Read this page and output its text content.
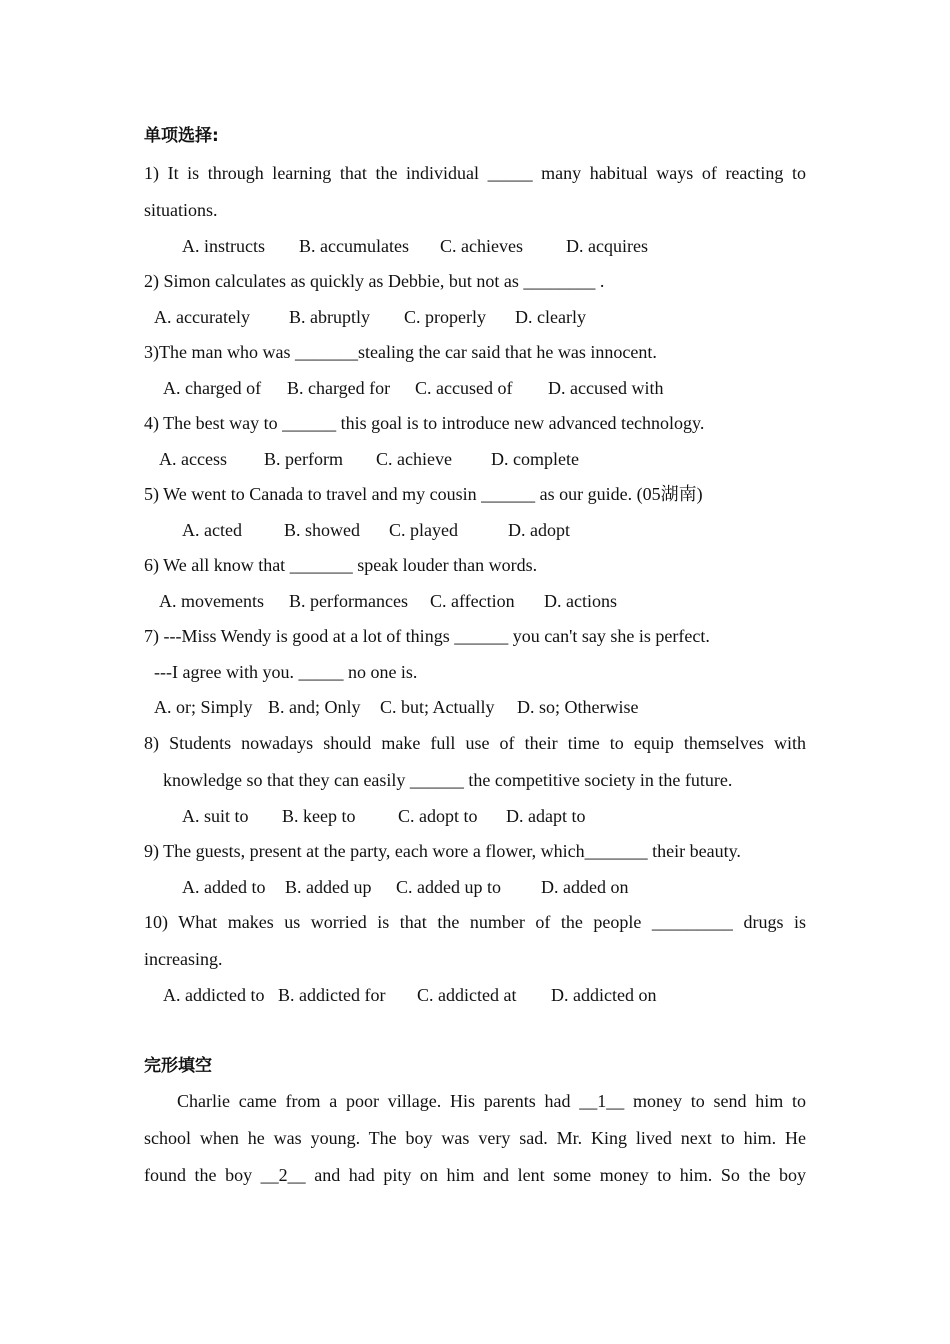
单项选择:
1) It is through learning that the individual _____ many habitual ways of reacting to
situations.
A. instructs B. accumulates C. achieves D. acquires
2) Simon calculates as quickly as Debbie, but not as ________ .
A. accurately B. abruptly C. properly D. clearly
3)The man who was _______stealing the car said that he was innocent.
A. charged of B. charged for C. accused of D. accused with
4) The best way to ______ this goal is to introduce new advanced technology.
A. access B. perform C. achieve D. complete
5) We went to Canada to travel and my cousin ______ as our guide. (05湖南)
A. acted B. showed C. played	D. adopt
6) We all know that _______ speak louder than words.
A. movements B. performances C. affection D. actions
7) ---Miss Wendy is good at a lot of things ______ you can't say she is perfect.
---I agree with you. _____ no one is.
A. or; Simply B. and; Only C. but; Actually D. so; Otherwise
8) Students nowadays should make full use of their time to equip themselves with
knowledge so that they can easily ______ the competitive society in the future.
A. suit to B. keep to C. adopt to D. adapt to
9) The guests, present at the party, each wore a flower, which_______ their beauty.
A. added to B. added up C. added up to D. added on
10) What makes us worried is that the number of the people _________ drugs is
increasing.
A. addicted to B. addicted for C. addicted at D. addicted on
完形填空
Charlie came from a poor village. His parents had __1__ money to send him to
school when he was young. The boy was very sad. Mr. King lived next to him. He
found the boy __2__ and had pity on him and lent some money to him. So the boy
